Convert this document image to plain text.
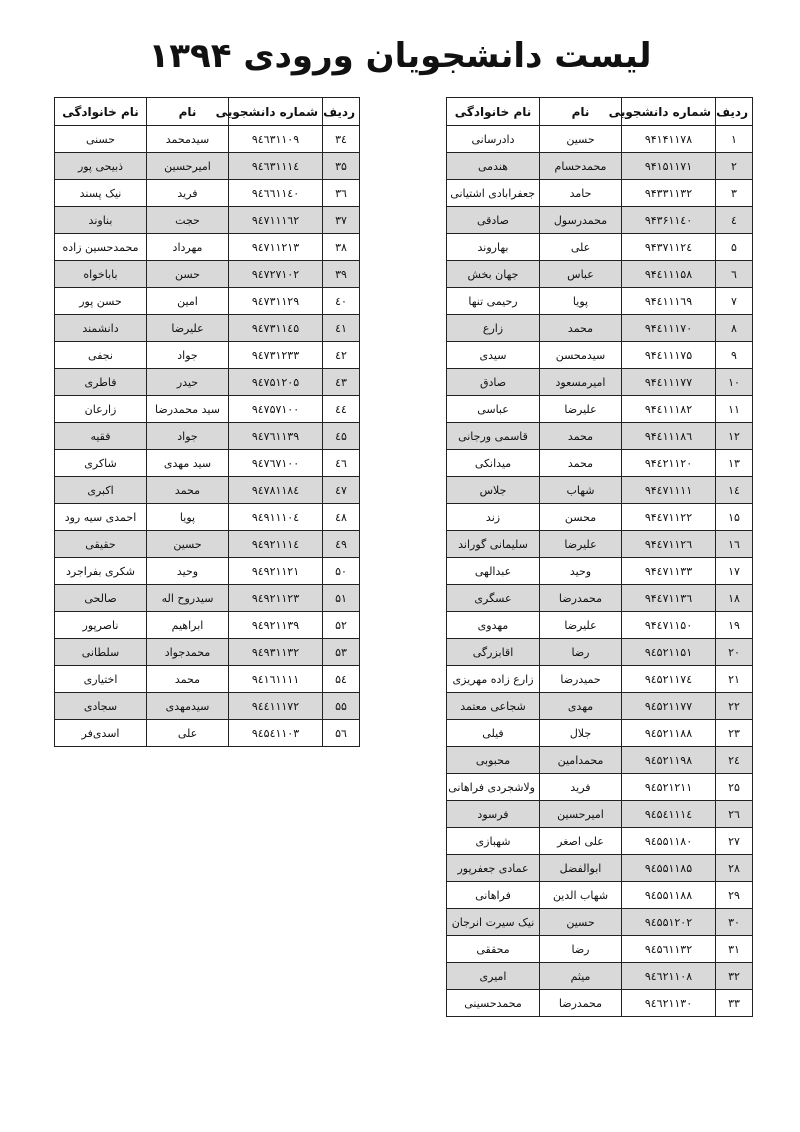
لیست دانشجویان ورودی ۱۳۹۴
ردیف	شماره دانشجویی	نام	نام خانوادگی
۱	۹۴۱۴۱۱۷۸	حسین	دادرسانی
۲	۹۴۱۵۱۱۷۱	محمدحسام	هندمی
۳	۹۴۳۳۱۱۳۲	حامد	جعفرابادی اشتیانی
٤	۹۴۳۶۱۱٤۰	محمدرسول	صادقی
۵	۹۴۳۷۱۱۲٤	علی	بهاروند
٦	۹۴٤۱۱۱۵۸	عباس	جهان بخش
۷	۹۴٤۱۱۱٦۹	پویا	رحیمی تنها
۸	۹۴٤۱۱۱۷۰	محمد	زارع
۹	۹۴٤۱۱۱۷۵	سیدمحسن	سیدی
۱۰	۹۴٤۱۱۱۷۷	امیرمسعود	صادق
۱۱	۹۴٤۱۱۱۸۲	علیرضا	عباسی
۱۲	۹۴٤۱۱۱۸٦	محمد	قاسمی ورجانی
۱۳	۹۴٤۲۱۱۲۰	محمد	میدانکی
١٤	۹۴٤۷۱۱۱۱	شهاب	جلاس
۱۵	۹۴٤۷۱۱۲۲	محسن	زند
۱٦	۹۴٤۷۱۱۲٦	علیرضا	سلیمانی گوراند
۱۷	۹۴٤۷۱۱۳۳	وحید	عبدالهی
۱۸	۹۴٤۷۱۱۳٦	محمدرضا	عسگری
۱۹	۹۴٤۷۱۱۵۰	علیرضا	مهدوی
۲۰	۹٤۵۲۱۱۵۱	رضا	اقابزرگی
۲۱	۹٤۵۲۱۱۷٤	حمیدرضا	زارع زاده مهریزی
۲۲	۹٤۵۲۱۱۷۷	مهدی	شجاعی معتمد
۲۳	۹٤۵۲۱۱۸۸	جلال	فیلی
۲٤	۹٤۵۲۱۱۹۸	محمدامین	محبوبی
۲۵	۹٤۵۲۱۲۱۱	فرید	ولاشجردی فراهانی
۲٦	۹٤۵٤۱۱۱٤	امیرحسین	فرسود
۲۷	۹٤۵۵۱۱۸۰	علی اصغر	شهبازی
۲۸	۹٤۵۵۱۱۸۵	ابوالفضل	عمادی جعفرپور
۲۹	۹٤۵۵۱۱۸۸	شهاب الدین	فراهانی
۳۰	۹٤۵۵۱۲۰۲	حسین	نیک سیرت انرجان
۳۱	۹٤۵٦۱۱۳۲	رضا	محققی
۳۲	۹٤٦۲۱۱۰۸	میثم	امیری
۳۳	۹٤٦۲۱۱۳۰	محمدرضا	محمدحسینی
ردیف	شماره دانشجویی	نام	نام خانوادگی
۳٤	۹٤٦۳۱۱۰۹	سیدمحمد	حسنی
۳۵	۹٤٦۳۱۱۱٤	امیرحسین	ذبیحی پور
۳٦	۹٤٦٦۱۱٤۰	فرید	نیک پسند
۳۷	۹٤۷۱۱۱٦۲	حجت	بناوند
۳۸	۹٤۷۱۱۲۱۳	مهرداد	محمدحسین زاده
۳۹	۹٤۷۲۷۱۰۲	حسن	باباخواه
٤۰	۹٤۷۳۱۱۲۹	امین	حسن پور
٤۱	۹٤۷۳۱۱٤۵	علیرضا	دانشمند
٤۲	۹٤۷۳۱۲۳۳	جواد	نجفی
٤۳	۹٤۷۵۱۲۰۵	حیدر	فاطری
٤٤	۹٤۷۵۷۱۰۰	سید محمدرضا	زارعان
٤۵	۹٤۷٦۱۱۳۹	جواد	فقیه
٤٦	۹٤۷٦۷۱۰۰	سید مهدی	شاکری
٤۷	۹٤۷۸۱۱۸٤	محمد	اکبری
٤۸	۹٤۹۱۱۱۰٤	پویا	احمدی سیه رود
٤۹	۹٤۹۲۱۱۱٤	حسین	حقیقی
۵۰	۹٤۹۲۱۱۲۱	وحید	شکری بفراجرد
۵۱	۹٤۹۲۱۱۲۳	سیدروح اله	صالحی
۵۲	۹٤۹۲۱۱۳۹	ابراهیم	ناصرپور
۵۳	۹٤۹۳۱۱۳۲	محمدجواد	سلطانی
۵٤	۹٤۱٦۱۱۱۱	محمد	اختیاری
۵۵	۹٤٤۱۱۱۷۲	سیدمهدی	سجادی
۵٦	۹٤۵٤۱۱۰۳	علی	اسدی‌فر
